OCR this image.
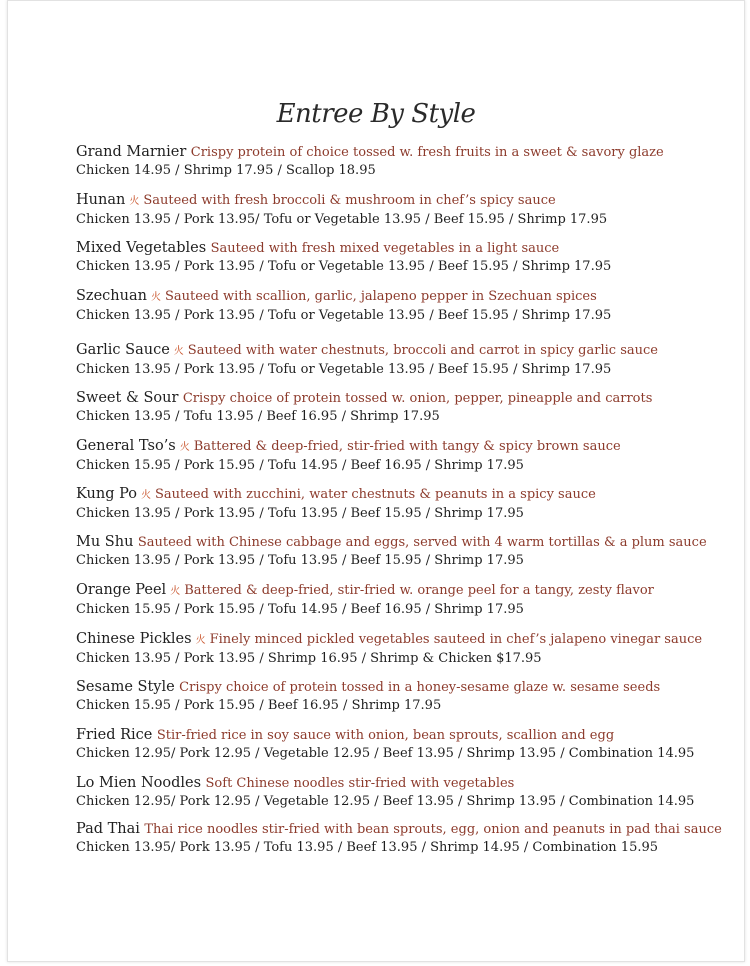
Entree By Style
Grand Marnier Crispy protein of choice tossed w. fresh fruits in a sweet & savory glaze
Chicken 14.95 / Shrimp 17.95 / Scallop 18.95
Hunan 火 Sauteed with fresh broccoli & mushroom in chef’s spicy sauce
Chicken 13.95 / Pork 13.95/ Tofu or Vegetable 13.95 / Beef 15.95 / Shrimp 17.95
Mixed Vegetables Sauteed with fresh mixed vegetables in a light sauce
Chicken 13.95 / Pork 13.95 / Tofu or Vegetable 13.95 / Beef 15.95 / Shrimp 17.95
Szechuan 火 Sauteed with scallion, garlic, jalapeno pepper in Szechuan spices
Chicken 13.95 / Pork 13.95 / Tofu or Vegetable 13.95 / Beef 15.95 / Shrimp 17.95
Garlic Sauce 火 Sauteed with water chestnuts, broccoli and carrot in spicy garlic sauce
Chicken 13.95 / Pork 13.95 / Tofu or Vegetable 13.95 / Beef 15.95 / Shrimp 17.95
Sweet & Sour Crispy choice of protein tossed w. onion, pepper, pineapple and carrots
Chicken 13.95 / Tofu 13.95 / Beef 16.95 / Shrimp 17.95
General Tso’s 火 Battered & deep-fried, stir-fried with tangy & spicy brown sauce
Chicken 15.95 / Pork 15.95 / Tofu 14.95 / Beef 16.95 / Shrimp 17.95
Kung Po 火 Sauteed with zucchini, water chestnuts & peanuts in a spicy sauce
Chicken 13.95 / Pork 13.95 / Tofu 13.95 / Beef 15.95 / Shrimp 17.95
Mu Shu Sauteed with Chinese cabbage and eggs, served with 4 warm tortillas & a plum sauce
Chicken 13.95 / Pork 13.95 / Tofu 13.95 / Beef 15.95 / Shrimp 17.95
Orange Peel 火 Battered & deep-fried, stir-fried w. orange peel for a tangy, zesty flavor
Chicken 15.95 / Pork 15.95 / Tofu 14.95 / Beef 16.95 / Shrimp 17.95
Chinese Pickles 火 Finely minced pickled vegetables sauteed in chef’s jalapeno vinegar sauce
Chicken 13.95 / Pork 13.95 / Shrimp 16.95 / Shrimp & Chicken $17.95
Sesame Style Crispy choice of protein tossed in a honey-sesame glaze w. sesame seeds
Chicken 15.95 / Pork 15.95 / Beef 16.95 / Shrimp 17.95
Fried Rice Stir-fried rice in soy sauce with onion, bean sprouts, scallion and egg
Chicken 12.95/ Pork 12.95 / Vegetable 12.95 / Beef 13.95 / Shrimp 13.95 / Combination 14.95
Lo Mien Noodles Soft Chinese noodles stir-fried with vegetables
Chicken 12.95/ Pork 12.95 / Vegetable 12.95 / Beef 13.95 / Shrimp 13.95 / Combination 14.95
Pad Thai Thai rice noodles stir-fried with bean sprouts, egg, onion and peanuts in pad thai sauce
Chicken 13.95/ Pork 13.95 / Tofu 13.95 / Beef 13.95 / Shrimp 14.95 / Combination 15.95
